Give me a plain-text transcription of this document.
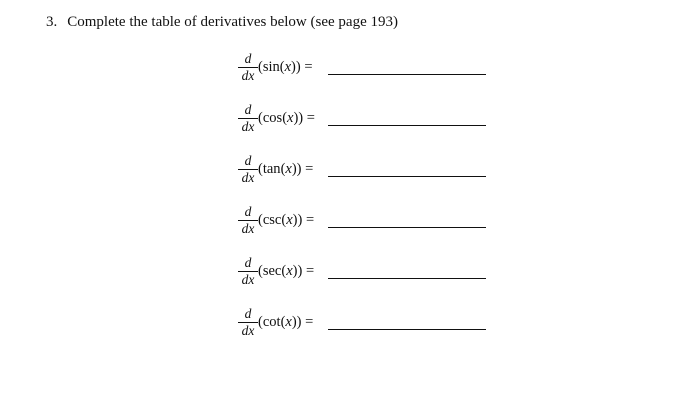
3. Complete the table of derivatives below (see page 193)
d
dx
(sin(x)) =
d
dx
(cos(x)) =
d
dx
(tan(x)) =
d
dx
(csc(x)) =
d
dx
(sec(x)) =
d
dx
(cot(x)) =
